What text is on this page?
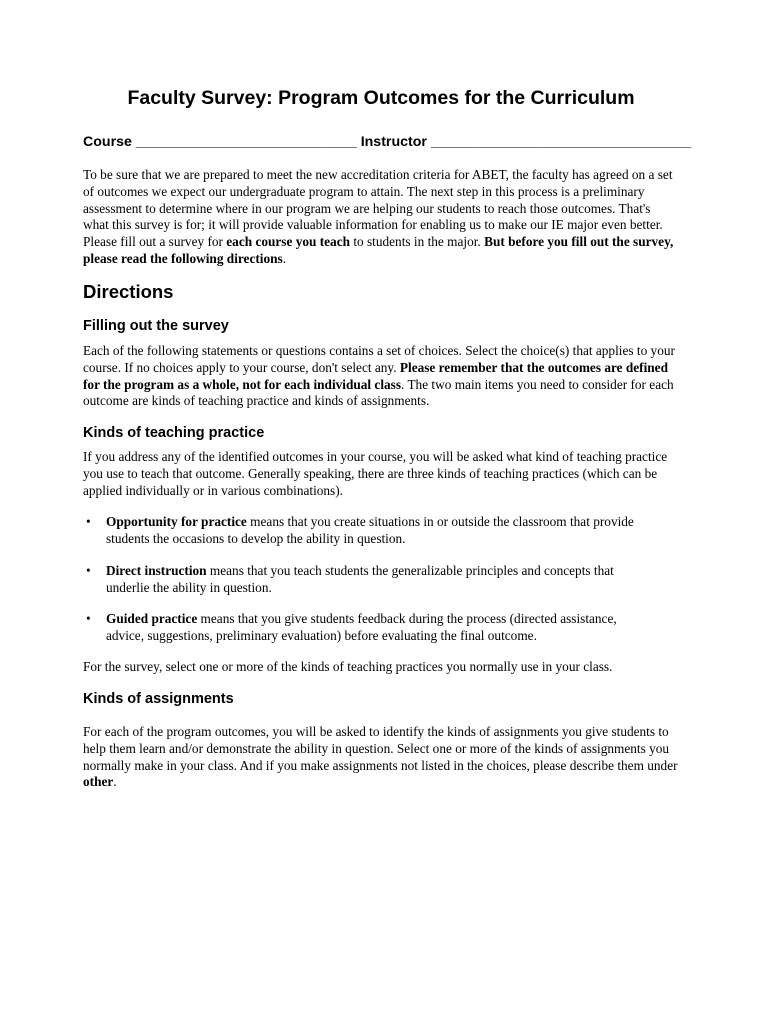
Faculty Survey: Program Outcomes for the Curriculum

Course ____________________________ Instructor _________________________________

To be sure that we are prepared to meet the new accreditation criteria for ABET, the faculty has agreed on a set of outcomes we expect our undergraduate program to attain. The next step in this process is a preliminary assessment to determine where in our program we are helping our students to reach those outcomes. That's what this survey is for; it will provide valuable information for enabling us to make our IE major even better. Please fill out a survey for each course you teach to students in the major. But before you fill out the survey, please read the following directions.

Directions
Filling out the survey

Each of the following statements or questions contains a set of choices. Select the choice(s) that applies to your course. If no choices apply to your course, don't select any. Please remember that the outcomes are defined for the program as a whole, not for each individual class. The two main items you need to consider for each outcome are kinds of teaching practice and kinds of assignments.

Kinds of teaching practice

If you address any of the identified outcomes in your course, you will be asked what kind of teaching practice you use to teach that outcome. Generally speaking, there are three kinds of teaching practices (which can be applied individually or in various combinations).

• Opportunity for practice means that you create situations in or outside the classroom that provide students the occasions to develop the ability in question.

• Direct instruction means that you teach students the generalizable principles and concepts that underlie the ability in question.

• Guided practice means that you give students feedback during the process (directed assistance, advice, suggestions, preliminary evaluation) before evaluating the final outcome.

For the survey, select one or more of the kinds of teaching practices you normally use in your class.

Kinds of assignments

For each of the program outcomes, you will be asked to identify the kinds of assignments you give students to help them learn and/or demonstrate the ability in question. Select one or more of the kinds of assignments you normally make in your class. And if you make assignments not listed in the choices, please describe them under other.
